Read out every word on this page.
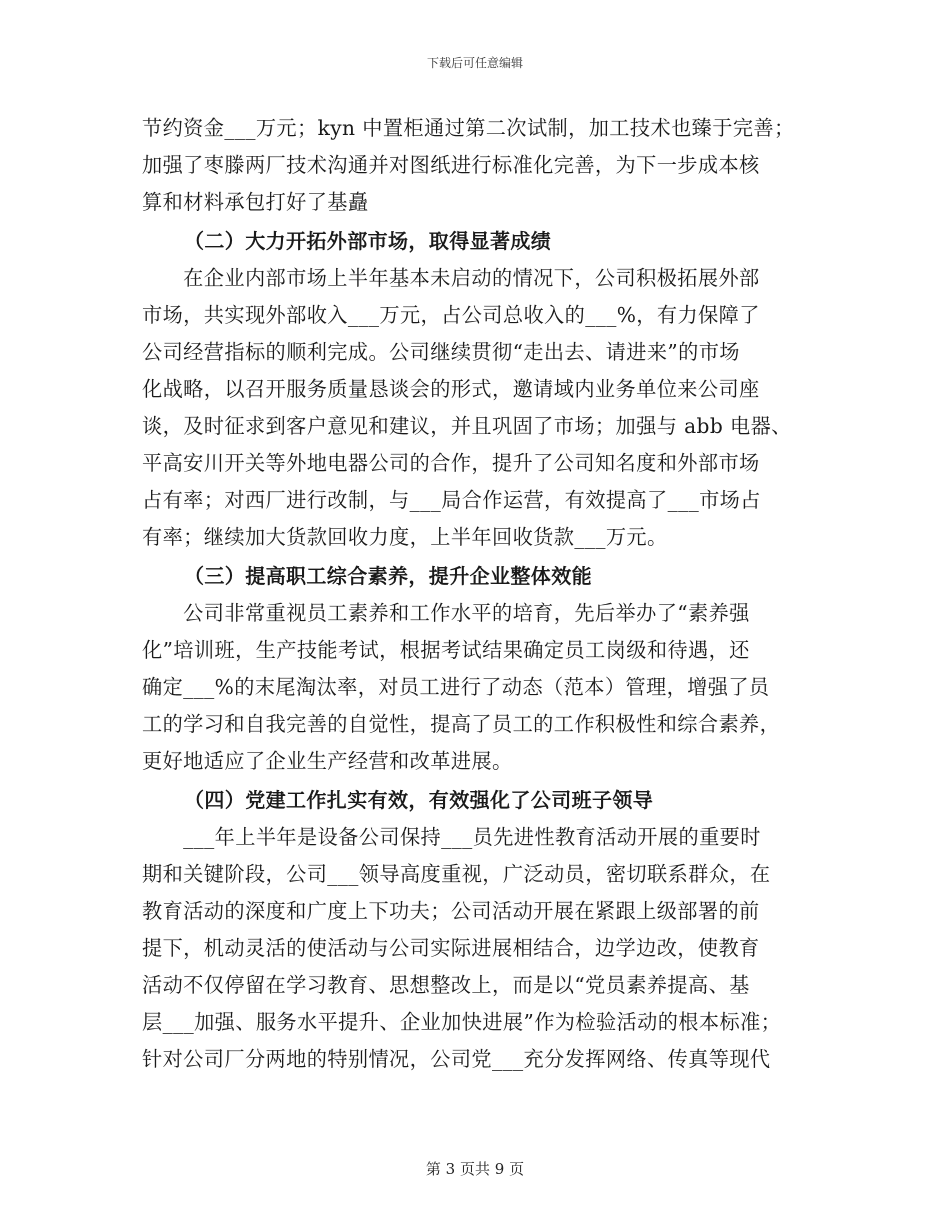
下载后可任意编辑
节约资金___万元；kyn 中置柜通过第二次试制，加工技术也臻于完善；
加强了枣滕两厂技术沟通并对图纸进行标准化完善，为下一步成本核
算和材料承包打好了基矗
（二）大力开拓外部市场，取得显著成绩
　　在企业内部市场上半年基本未启动的情况下，公司积极拓展外部
市场，共实现外部收入___万元，占公司总收入的___%，有力保障了
公司经营指标的顺利完成。公司继续贯彻“走出去、请进来”的市场
化战略，以召开服务质量恳谈会的形式，邀请域内业务单位来公司座
谈，及时征求到客户意见和建议，并且巩固了市场；加强与 abb 电器、
平高安川开关等外地电器公司的合作，提升了公司知名度和外部市场
占有率；对西厂进行改制，与___局合作运营，有效提高了___市场占
有率；继续加大货款回收力度，上半年回收货款___万元。
（三）提高职工综合素养，提升企业整体效能
　　公司非常重视员工素养和工作水平的培育，先后举办了“素养强
化”培训班，生产技能考试，根据考试结果确定员工岗级和待遇，还
确定___%的末尾淘汰率，对员工进行了动态（范本）管理，增强了员
工的学习和自我完善的自觉性，提高了员工的工作积极性和综合素养，
更好地适应了企业生产经营和改革进展。
（四）党建工作扎实有效，有效强化了公司班子领导
　　___年上半年是设备公司保持___员先进性教育活动开展的重要时
期和关键阶段，公司___领导高度重视，广泛动员，密切联系群众，在
教育活动的深度和广度上下功夫；公司活动开展在紧跟上级部署的前
提下，机动灵活的使活动与公司实际进展相结合，边学边改，使教育
活动不仅停留在学习教育、思想整改上，而是以“党员素养提高、基
层___加强、服务水平提升、企业加快进展”作为检验活动的根本标准；
针对公司厂分两地的特别情况，公司党___充分发挥网络、传真等现代
第 3 页共 9 页
